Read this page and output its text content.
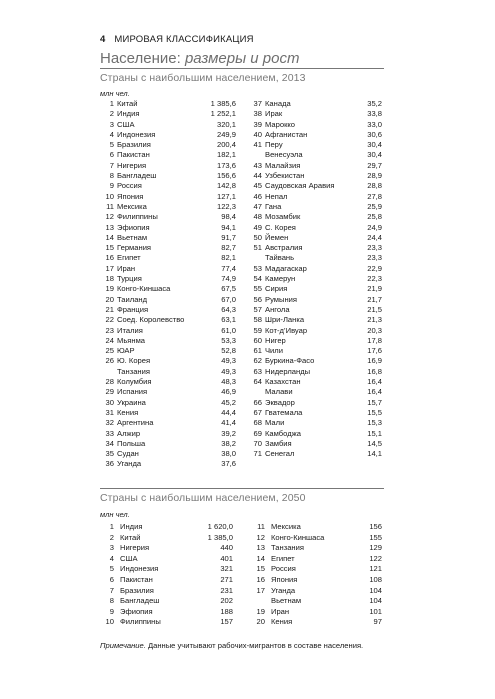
4 МИРОВАЯ КЛАССИФИКАЦИЯ
Население: размеры и рост
Страны с наибольшим населением, 2013
млн чел.
1 Китай	1 385,6
2 Индия	1 252,1
3 США	320,1
4 Индонезия	249,9
5 Бразилия	200,4
6 Пакистан	182,1
7 Нигерия	173,6
8 Бангладеш	156,6
9 Россия	142,8
10 Япония	127,1
11 Мексика	122,3
12 Филиппины	98,4
13 Эфиопия	94,1
14 Вьетнам	91,7
15 Германия	82,7
16 Египет	82,1
17 Иран	77,4
18 Турция	74,9
19 Конго-Киншаса	67,5
20 Таиланд	67,0
21 Франция	64,3
22 Соед. Королевство	63,1
23 Италия	61,0
24 Мьянма	53,3
25 ЮАР	52,8
26 Ю. Корея	49,3
Танзания	49,3
28 Колумбия	48,3
29 Испания	46,9
30 Украина	45,2
31 Кения	44,4
32 Аргентина	41,4
33 Алжир	39,2
34 Польша	38,2
35 Судан	38,0
36 Уганда	37,6
37 Канада	35,2
38 Ирак	33,8
39 Марокко	33,0
40 Афганистан	30,6
41 Перу	30,4
Венесуэла	30,4
43 Малайзия	29,7
44 Узбекистан	28,9
45 Саудовская Аравия	28,8
46 Непал	27,8
47 Гана	25,9
48 Мозамбик	25,8
49 С. Корея	24,9
50 Йемен	24,4
51 Австралия	23,3
Тайвань	23,3
53 Мадагаскар	22,9
54 Камерун	22,3
55 Сирия	21,9
56 Румыния	21,7
57 Ангола	21,5
58 Шри-Ланка	21,3
59 Кот-д’Ивуар	20,3
60 Нигер	17,8
61 Чили	17,6
62 Буркина-Фасо	16,9
63 Нидерланды	16,8
64 Казахстан	16,4
Малави	16,4
66 Эквадор	15,7
67 Гватемала	15,5
68 Мали	15,3
69 Камбоджа	15,1
70 Замбия	14,5
71 Сенегал	14,1
Страны с наибольшим населением, 2050
млн чел.
1 Индия	1 620,0
2 Китай	1 385,0
3 Нигерия	440
4 США	401
5 Индонезия	321
6 Пакистан	271
7 Бразилия	231
8 Бангладеш	202
9 Эфиопия	188
10 Филиппины	157
11 Мексика	156
12 Конго-Киншаса	155
13 Танзания	129
14 Египет	122
15 Россия	121
16 Япония	108
17 Уганда	104
Вьетнам	104
19 Иран	101
20 Кения	97
Примечание. Данные учитывают рабочих-мигрантов в составе населения.
